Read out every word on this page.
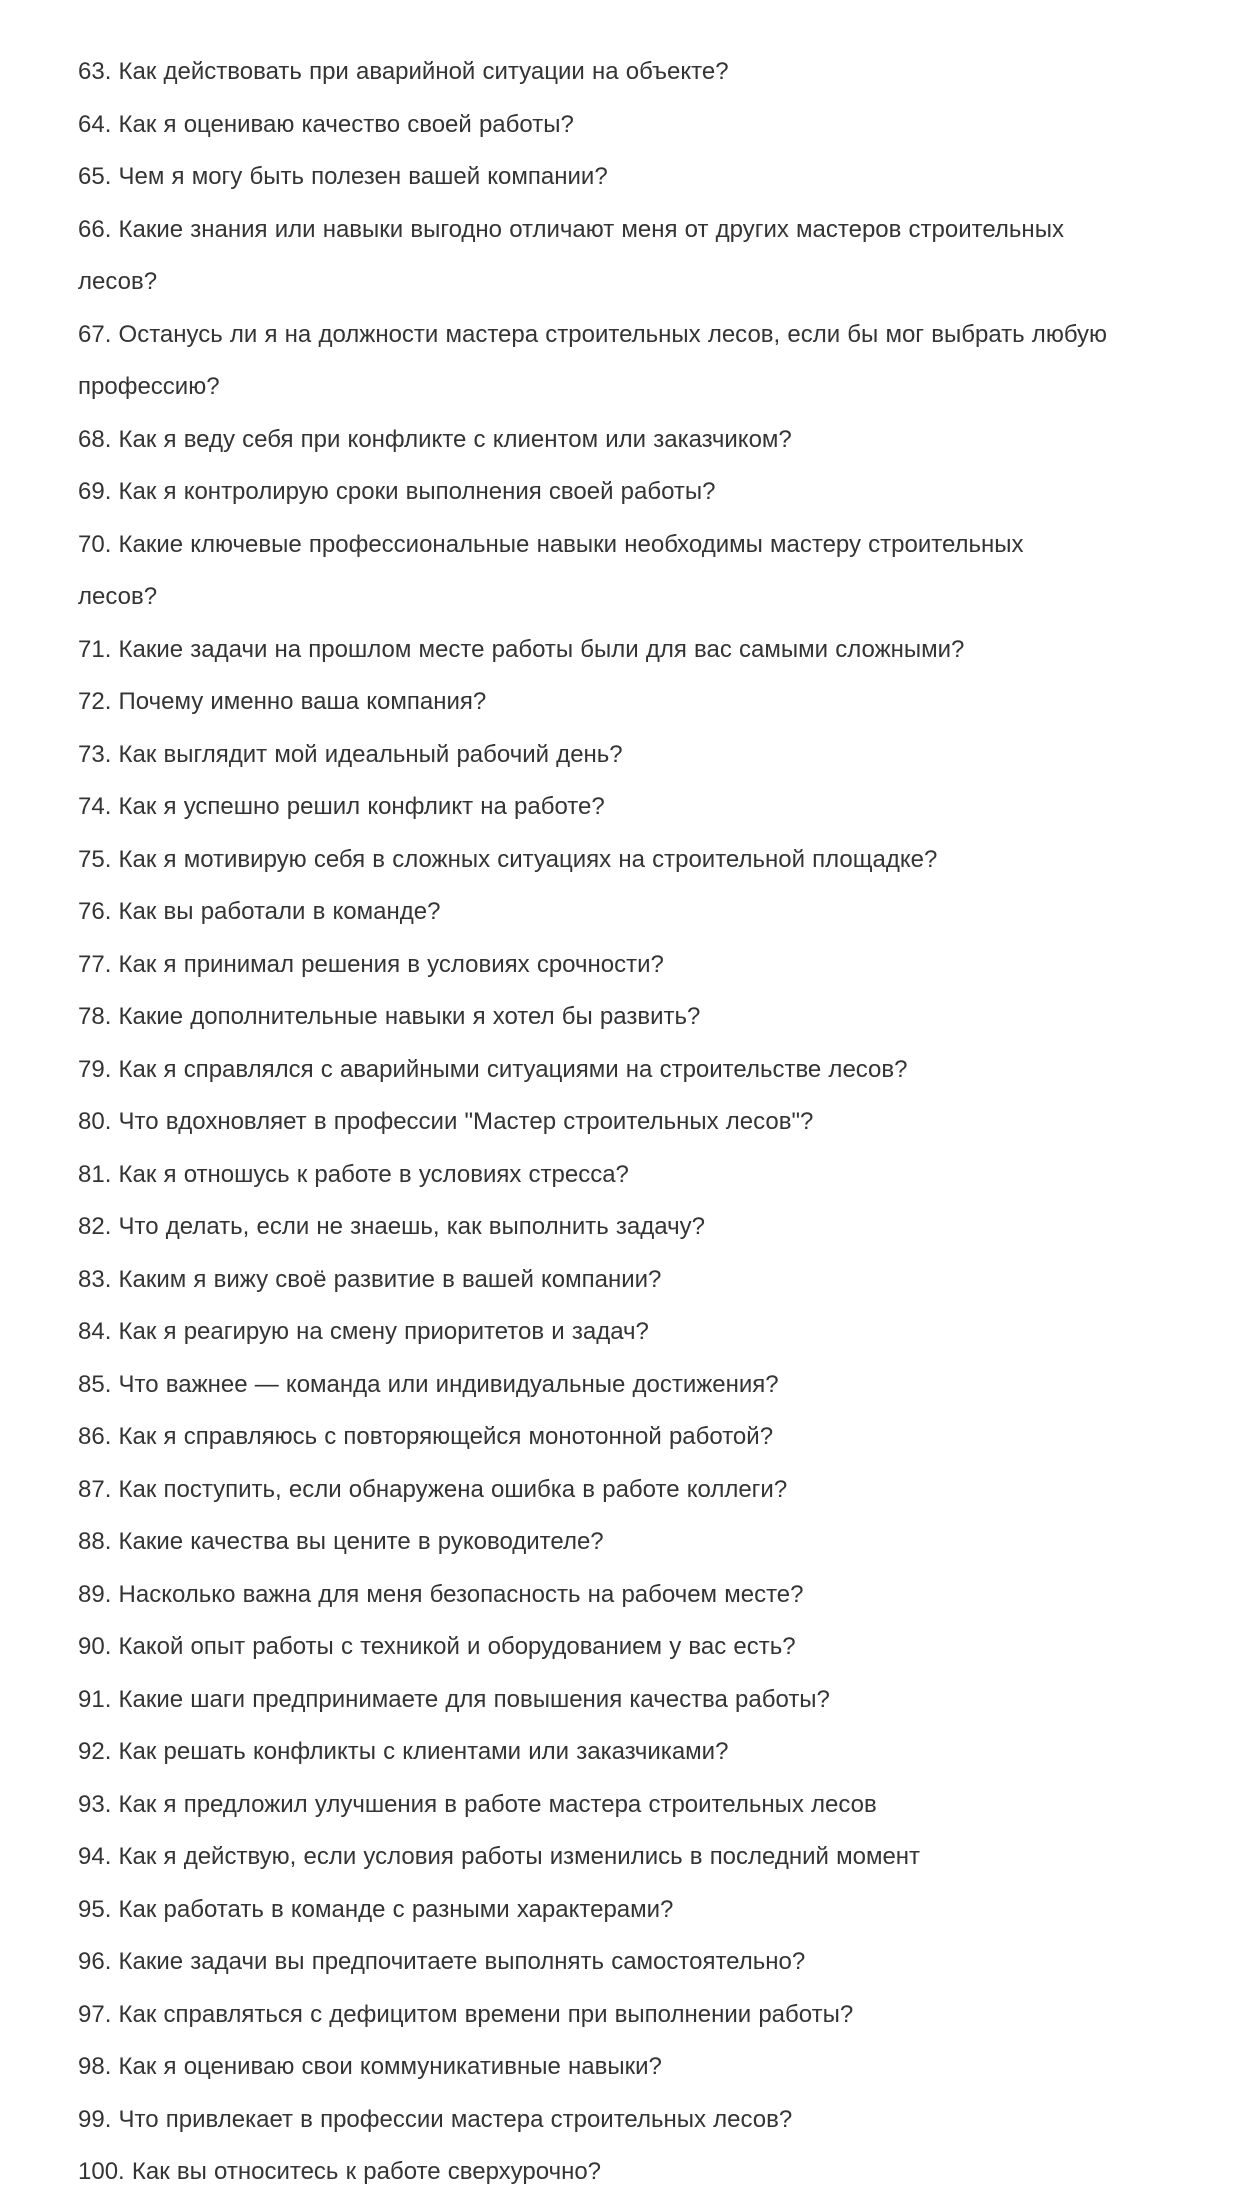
63. Как действовать при аварийной ситуации на объекте?

64. Как я оцениваю качество своей работы?

65. Чем я могу быть полезен вашей компании?

66. Какие знания или навыки выгодно отличают меня от других мастеров строительных лесов?

67. Останусь ли я на должности мастера строительных лесов, если бы мог выбрать любую профессию?

68. Как я веду себя при конфликте с клиентом или заказчиком?

69. Как я контролирую сроки выполнения своей работы?

70. Какие ключевые профессиональные навыки необходимы мастеру строительных лесов?

71. Какие задачи на прошлом месте работы были для вас самыми сложными?

72. Почему именно ваша компания?

73. Как выглядит мой идеальный рабочий день?

74. Как я успешно решил конфликт на работе?

75. Как я мотивирую себя в сложных ситуациях на строительной площадке?

76. Как вы работали в команде?

77. Как я принимал решения в условиях срочности?

78. Какие дополнительные навыки я хотел бы развить?

79. Как я справлялся с аварийными ситуациями на строительстве лесов?

80. Что вдохновляет в профессии "Мастер строительных лесов"?

81. Как я отношусь к работе в условиях стресса?

82. Что делать, если не знаешь, как выполнить задачу?

83. Каким я вижу своё развитие в вашей компании?

84. Как я реагирую на смену приоритетов и задач?

85. Что важнее — команда или индивидуальные достижения?

86. Как я справляюсь с повторяющейся монотонной работой?

87. Как поступить, если обнаружена ошибка в работе коллеги?

88. Какие качества вы цените в руководителе?

89. Насколько важна для меня безопасность на рабочем месте?

90. Какой опыт работы с техникой и оборудованием у вас есть?

91. Какие шаги предпринимаете для повышения качества работы?

92. Как решать конфликты с клиентами или заказчиками?

93. Как я предложил улучшения в работе мастера строительных лесов

94. Как я действую, если условия работы изменились в последний момент

95. Как работать в команде с разными характерами?

96. Какие задачи вы предпочитаете выполнять самостоятельно?

97. Как справляться с дефицитом времени при выполнении работы?

98. Как я оцениваю свои коммуникативные навыки?

99. Что привлекает в профессии мастера строительных лесов?

100. Как вы относитесь к работе сверхурочно?
